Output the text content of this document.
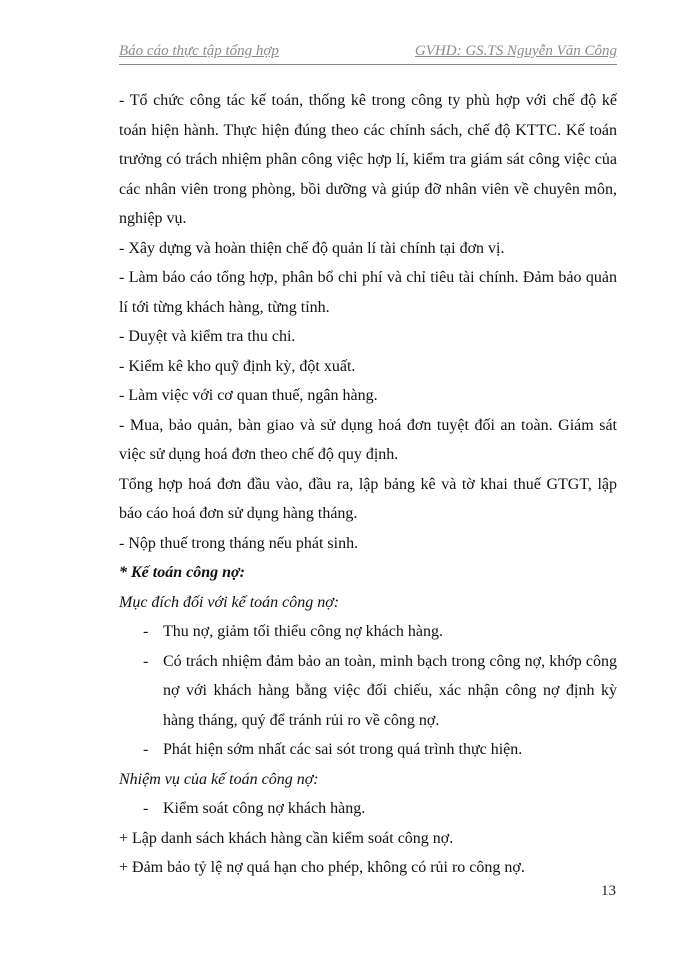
Báo cáo thực tập tổng hợp	GVHD: GS.TS Nguyễn Văn Công

- Tổ chức công tác kế toán, thống kê trong công ty phù hợp với chế độ kế toán hiện hành. Thực hiện đúng theo các chính sách, chế độ KTTC. Kế toán trưởng có trách nhiệm phân công việc hợp lí, kiểm tra giám sát công việc của các nhân viên trong phòng, bồi dưỡng và giúp đỡ nhân viên về chuyên môn, nghiệp vụ.

- Xây dựng và hoàn thiện chế độ quản lí tài chính tại đơn vị.

- Làm báo cáo tổng hợp, phân bổ chi phí và chỉ tiêu tài chính. Đảm bảo quản lí tới từng khách hàng, từng tỉnh.

- Duyệt và kiểm tra thu chi.

- Kiểm kê kho quỹ định kỳ, đột xuất.

- Làm việc với cơ quan thuế, ngân hàng.

- Mua, bảo quản, bàn giao và sử dụng hoá đơn tuyệt đối an toàn. Giám sát việc sử dụng hoá đơn theo chế độ quy định.

Tổng hợp hoá đơn đầu vào, đầu ra, lập bảng kê và tờ khai thuế GTGT, lập báo cáo hoá đơn sử dụng hàng tháng.

- Nộp thuế trong tháng nếu phát sinh.

* Kế toán công nợ:

Mục đích đối với kế toán công nợ:

- Thu nợ, giảm tối thiểu công nợ khách hàng.
- Có trách nhiệm đảm bảo an toàn, minh bạch trong công nợ, khớp công nợ với khách hàng bằng việc đối chiếu, xác nhận công nợ định kỳ hàng tháng, quý để tránh rủi ro về công nợ.
- Phát hiện sớm nhất các sai sót trong quá trình thực hiện.

Nhiệm vụ của kế toán công nợ:

- Kiểm soát công nợ khách hàng.

+ Lập danh sách khách hàng cần kiểm soát công nợ.

+ Đảm bảo tỷ lệ nợ quá hạn cho phép, không có rủi ro công nợ.

13
